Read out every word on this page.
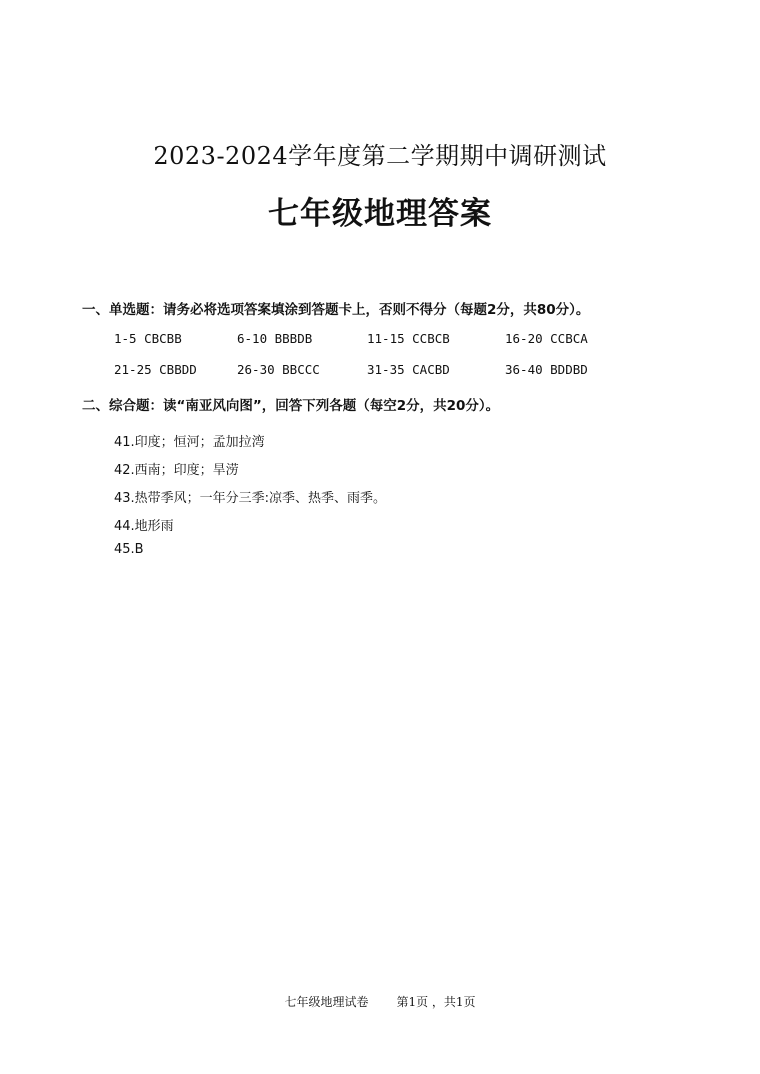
2023-2024学年度第二学期期中调研测试
七年级地理答案
一、单选题：请务必将选项答案填涂到答题卡上，否则不得分（每题2分，共80分）。
1-5 CBCBB	6-10 BBBDB	11-15 CCBCB	16-20 CCBCA
21-25 CBBDD	26-30 BBCCC	31-35 CACBD	36-40 BDDBD
二、综合题：读“南亚风向图”，回答下列各题（每空2分，共20分）。
41.印度；恒河；孟加拉湾
42.西南；印度；旱涝
43.热带季风；一年分三季:凉季、热季、雨季。
44.地形雨
45.B
七年级地理试卷 第1页 ，共1页
